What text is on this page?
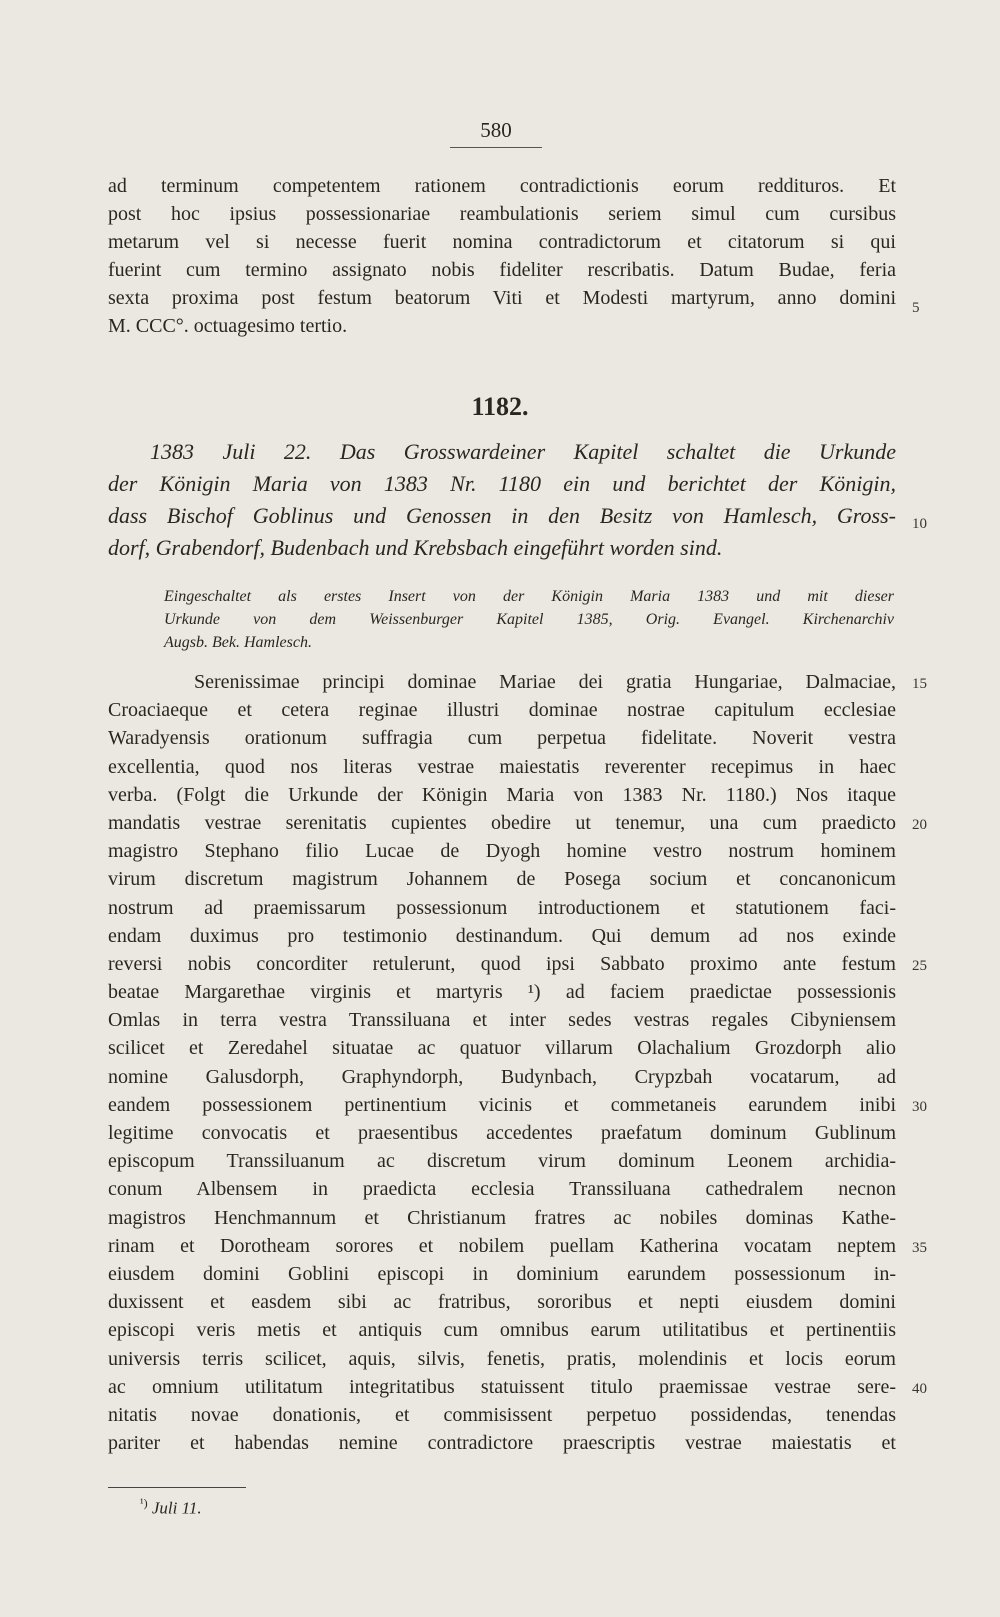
580
ad terminum competentem rationem contradictionis eorum reddituros. Et
post hoc ipsius possessionariae reambulationis seriem simul cum cursibus
metarum vel si necesse fuerit nomina contradictorum et citatorum si qui
fuerint cum termino assignato nobis fideliter rescribatis. Datum Budae, feria
sexta proxima post festum beatorum Viti et Modesti martyrum, anno domini
M. CCC°. octuagesimo tertio.
1182.
1383 Juli 22. Das Grosswardeiner Kapitel schaltet die Urkunde
der Königin Maria von 1383 Nr. 1180 ein und berichtet der Königin,
dass Bischof Goblinus und Genossen in den Besitz von Hamlesch, Gross-
dorf, Grabendorf, Budenbach und Krebsbach eingeführt worden sind.
Eingeschaltet als erstes Insert von der Königin Maria 1383 und mit dieser
Urkunde von dem Weissenburger Kapitel 1385, Orig. Evangel. Kirchenarchiv
Augsb. Bek. Hamlesch.
Serenissimae principi dominae Mariae dei gratia Hungariae, Dalmaciae,
Croaciaeque et cetera reginae illustri dominae nostrae capitulum ecclesiae
Waradyensis orationum suffragia cum perpetua fidelitate. Noverit vestra
excellentia, quod nos literas vestrae maiestatis reverenter recepimus in haec
verba. (Folgt die Urkunde der Königin Maria von 1383 Nr. 1180.) Nos itaque
mandatis vestrae serenitatis cupientes obedire ut tenemur, una cum praedicto
magistro Stephano filio Lucae de Dyogh homine vestro nostrum hominem
virum discretum magistrum Johannem de Posega socium et concanonicum
nostrum ad praemissarum possessionum introductionem et statutionem faci-
endam duximus pro testimonio destinandum. Qui demum ad nos exinde
reversi nobis concorditer retulerunt, quod ipsi Sabbato proximo ante festum
beatae Margarethae virginis et martyris ¹) ad faciem praedictae possessionis
Omlas in terra vestra Transsiluana et inter sedes vestras regales Cibyniensem
scilicet et Zeredahel situatae ac quatuor villarum Olachalium Grozdorph alio
nomine Galusdorph, Graphyndorph, Budynbach, Crypzbah vocatarum, ad
eandem possessionem pertinentium vicinis et commetaneis earundem inibi
legitime convocatis et praesentibus accedentes praefatum dominum Gublinum
episcopum Transsiluanum ac discretum virum dominum Leonem archidia-
conum Albensem in praedicta ecclesia Transsiluana cathedralem necnon
magistros Henchmannum et Christianum fratres ac nobiles dominas Kathe-
rinam et Dorotheam sorores et nobilem puellam Katherina vocatam neptem
eiusdem domini Goblini episcopi in dominium earundem possessionum in-
duxissent et easdem sibi ac fratribus, sororibus et nepti eiusdem domini
episcopi veris metis et antiquis cum omnibus earum utilitatibus et pertinentiis
universis terris scilicet, aquis, silvis, fenetis, pratis, molendinis et locis eorum
ac omnium utilitatum integritatibus statuissent titulo praemissae vestrae sere-
nitatis novae donationis, et commisissent perpetuo possidendas, tenendas
pariter et habendas nemine contradictore praescriptis vestraе maiestatis et
5
10
15
20
25
30
35
40
$^{^1)}$ Juli 11.
